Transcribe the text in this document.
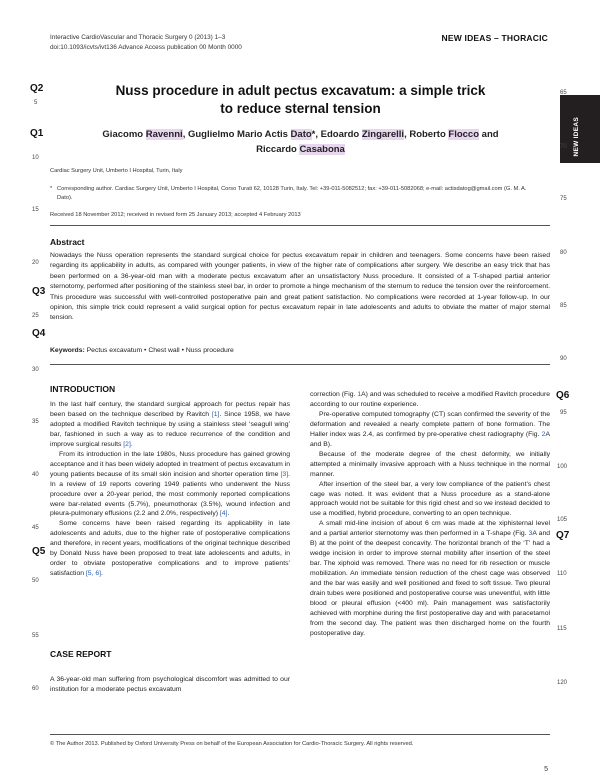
Interactive CardioVascular and Thoracic Surgery 0 (2013) 1–3
doi:10.1093/icvts/ivt136 Advance Access publication 00 Month 0000
NEW IDEAS – THORACIC
NEW IDEAS
Q2
Q1
Q3
Q4
Q5
Q6
Q7
5
10
15
20
25
30
35
40
45
50
55
60
65
70
75
80
85
90
95
100
105
110
115
120
Nuss procedure in adult pectus excavatum: a simple trick
to reduce sternal tension
Giacomo Ravenni, Guglielmo Mario Actis Dato*, Edoardo Zingarelli, Roberto Flocco and
Riccardo Casabona
Cardiac Surgery Unit, Umberto I Hospital, Turin, Italy
* Corresponding author. Cardiac Surgery Unit, Umberto I Hospital, Corso Turati 62, 10128 Turin, Italy. Tel: +39-011-5082512; fax: +39-011-5082068; e-mail: actisdatog@gmail.com (G. M. A. Dato).
Received 18 November 2012; received in revised form 25 January 2013; accepted 4 February 2013
Abstract
Nowadays the Nuss operation represents the standard surgical choice for pectus excavatum repair in children and teenagers. Some concerns have been raised regarding its applicability in adults, as compared with younger patients, in view of the higher rate of complications after surgery. We describe an easy trick that has been performed on a 36-year-old man with a moderate pectus excavatum after an unsatisfactory Nuss procedure. It consisted of a T-shaped partial anterior sternotomy, performed after positioning of the stainless steel bar, in order to promote a hinge mechanism of the sternum to reduce the tension over the reinforcement. This procedure was successful with well-controlled postoperative pain and great patient satisfaction. No complications were recorded at 1-year follow-up. In our opinion, this simple trick could represent a valid surgical option for pectus excavatum repair in late adolescents and adults to obviate the matter of major sternal tension.
Keywords: Pectus excavatum • Chest wall • Nuss procedure
INTRODUCTION

In the last half century, the standard surgical approach for pectus repair has been based on the technique described by Ravitch [1]. Since 1958, we have adopted a modified Ravitch technique by using a stainless steel ‘seagull wing’ bar, fashioned in such a way as to reduce recurrence of the condition and improve surgical results [2].

From its introduction in the late 1980s, Nuss procedure has gained growing acceptance and it has been widely adopted in treatment of pectus excavatum in young patients because of its small skin incision and shorter operation time [3]. In a review of 19 reports covering 1949 patients who underwent the Nuss procedure over a 20-year period, the most commonly reported complications were bar-related events (5.7%), pneumothorax (3.5%), wound infection and pleura-pulmonary effusions (2.2 and 2.0%, respectively) [4].

Some concerns have been raised regarding its applicability in late adolescents and adults, due to the higher rate of postoperative complications and therefore, in recent years, modifications of the original technique described by Donald Nuss have been proposed to treat late adolescents and adults, in order to obviate postoperative complications and to improve patients’ satisfaction [5, 6].

CASE REPORT

A 36-year-old man suffering from psychological discomfort was admitted to our institution for a moderate pectus excavatum

correction (Fig. 1A) and was scheduled to receive a modified Ravitch procedure according to our routine experience.

Pre-operative computed tomography (CT) scan confirmed the severity of the deformation and revealed a nearly complete pattern of bone formation. The Haller index was 2.4, as confirmed by pre-operative chest radiography (Fig. 2A and B).

Because of the moderate degree of the chest deformity, we initially attempted a minimally invasive approach with a Nuss technique in the normal manner.

After insertion of the steel bar, a very low compliance of the patient’s chest cage was noted. It was evident that a Nuss procedure as a stand-alone approach would not be suitable for this rigid chest and so we instead decided to use a modified, hybrid procedure, converting to an open technique.

A small mid-line incision of about 6 cm was made at the xiphisternal level and a partial anterior sternotomy was then performed in a T-shape (Fig. 3A and B) at the point of the deepest concavity. The horizontal branch of the ‘T’ had a wedge incision in order to improve sternal mobility after insertion of the steel bar. The xiphoid was removed. There was no need for rib resection or muscle mobilization. An immediate tension reduction of the chest cage was observed and the bar was easily and well positioned and fixed to soft tissue. Two pleural drain tubes were positioned and postoperative course was uneventful, with little blood or pleural effusion (<400 ml). Pain management was satisfactorily achieved with morphine during the first postoperative day and with paracetamol from the second day. The patient was then discharged home on the fourth postoperative day.

© The Author 2013. Published by Oxford University Press on behalf of the European Association for Cardio-Thoracic Surgery. All rights reserved.
5
